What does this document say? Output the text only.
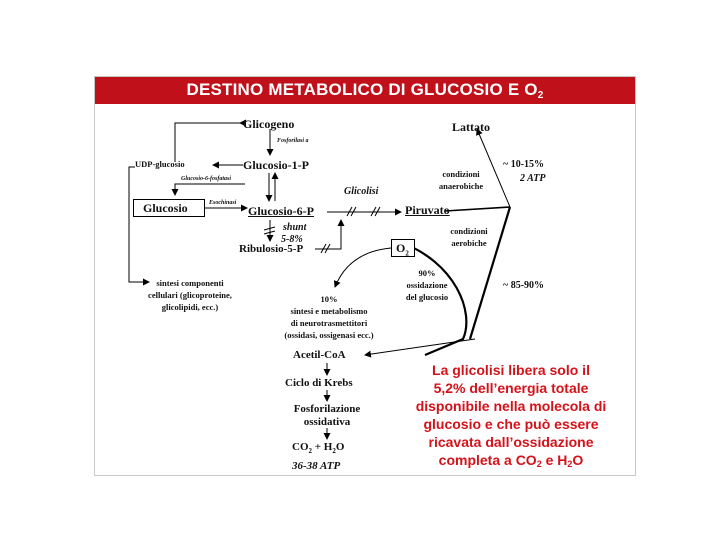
DESTINO METABOLICO DI GLUCOSIO E $O_2$
Glicogeno
Fosforilasi a
UDP-glucosio	Glucosio-1-P
Glucosio-6-fosfatasi
Glucosio	Esochinasi
Glucosio-6-P
Glicolisi
Piruvato
shunt
5-8%
Ribulosio-5-P
Lattato
condizioni
anaerobiche
~ 10-15%
2 ATP
condizioni
aerobiche
~ 85-90%
$O_2$
90%
ossidazione
del glucosio
sintesi componenti
cellulari (glicoproteine,
glicolipidi, ecc.)
10%
sintesi e metabolismo
di neurotrasmettitori
(ossidasi, ossigenasi ecc.)
Acetil-CoA
Ciclo di Krebs
Fosforilazione
ossidativa
$CO_2 + H_2O$
36-38 ATP
La glicolisi libera solo il
5,2% dell’energia totale
disponibile nella molecola di
glucosio e che può essere
ricavata dall’ossidazione
completa a $CO_2$ e $H_2O$
